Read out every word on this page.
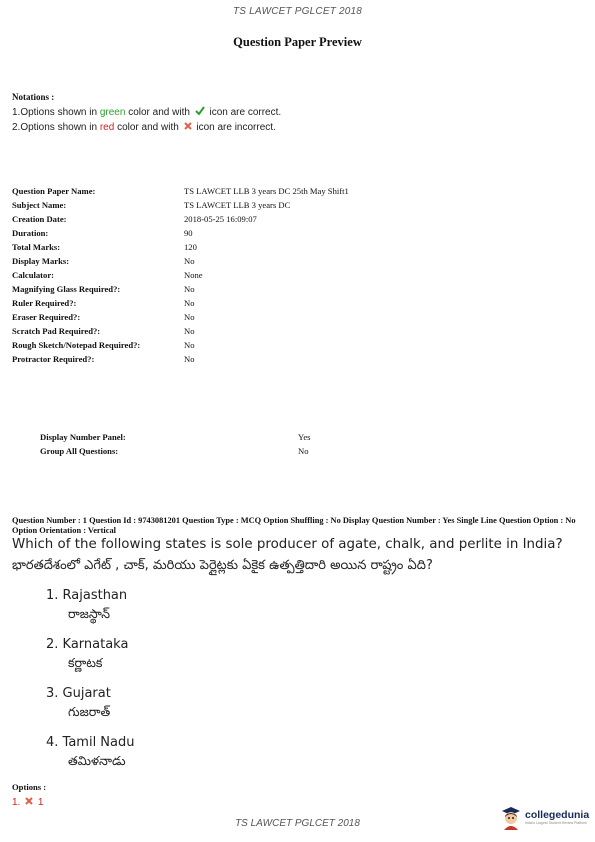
TS LAWCET PGLCET 2018
Question Paper Preview
Notations :
1.Options shown in green color and with icon are correct.
2.Options shown in red color and with icon are incorrect.
Question Paper Name:	TS LAWCET LLB 3 years DC 25th May Shift1
Subject Name:	TS LAWCET LLB 3 years DC
Creation Date:	2018-05-25 16:09:07
Duration:	90
Total Marks:	120
Display Marks:	No
Calculator:	None
Magnifying Glass Required?:	No
Ruler Required?:	No
Eraser Required?:	No
Scratch Pad Required?:	No
Rough Sketch/Notepad Required?:	No
Protractor Required?:	No
Display Number Panel:	Yes
Group All Questions:	No
Question Number : 1 Question Id : 9743081201 Question Type : MCQ Option Shuffling : No Display Question Number : Yes Single Line Question Option : No Option Orientation : Vertical
Which of the following states is sole producer of agate, chalk, and perlite in India?
భారతదేశంలో ఎగేట్ , చాక్, మరియు పెర్లైట్లకు ఏకైక ఉత్పత్తిదారి అయిన రాష్ట్రం ఏది?
1. Rajasthan
రాజస్థాన్
2. Karnataka
కర్ణాటక
3. Gujarat
గుజరాత్
4. Tamil Nadu
తమిళనాడు
Options :
1. 1
TS LAWCET PGLCET 2018
collegedunia
India's Largest Student Review Platform
